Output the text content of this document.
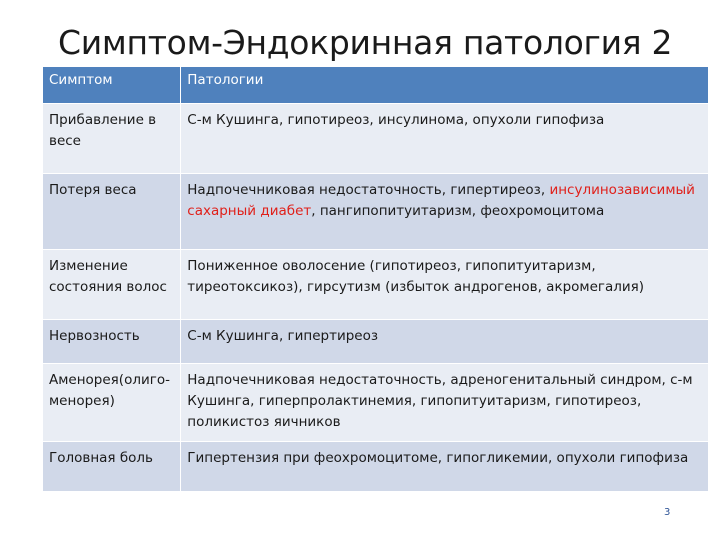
Симптом-Эндокринная патология 2
Симптом	Патологии
Прибавление в весе	С-м Кушинга, гипотиреоз, инсулинома, опухоли гипофиза
Потеря веса	Надпочечниковая недостаточность, гипертиреоз, инсулинозависимый сахарный диабет, пангипопитуитаризм, феохромоцитома
Изменение состояния волос	Пониженное оволосение (гипотиреоз, гипопитуитаризм, тиреотоксикоз), гирсутизм (избыток андрогенов, акромегалия)
Нервозность	С-м Кушинга, гипертиреоз
Аменорея(олиго-менорея)	Надпочечниковая недостаточность, адреногенитальный синдром, с-м Кушинга, гиперпролактинемия, гипопитуитаризм, гипотиреоз, поликистоз яичников
Головная боль	Гипертензия при феохромоцитоме, гипогликемии, опухоли гипофиза
3
